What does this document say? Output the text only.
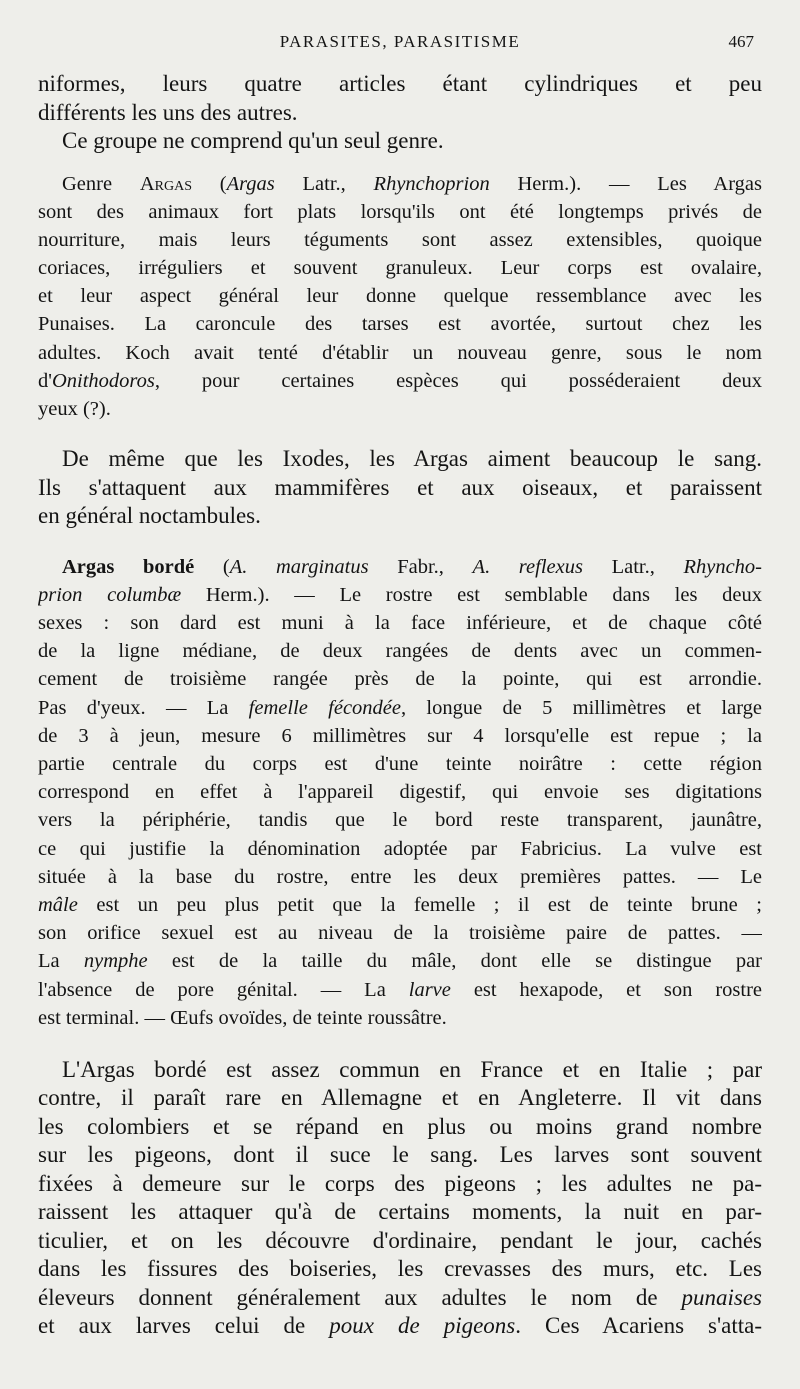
PARASITES, PARASITISME	467
niformes, leurs quatre articles étant cylindriques et peu
différents les uns des autres.
Ce groupe ne comprend qu'un seul genre.
Genre Argas (Argas Latr., Rhynchoprion Herm.). — Les Argas
sont des animaux fort plats lorsqu'ils ont été longtemps privés de
nourriture, mais leurs téguments sont assez extensibles, quoique
coriaces, irréguliers et souvent granuleux. Leur corps est ovalaire,
et leur aspect général leur donne quelque ressemblance avec les
Punaises. La caroncule des tarses est avortée, surtout chez les
adultes. Koch avait tenté d'établir un nouveau genre, sous le nom
d'Onithodoros, pour certaines espèces qui posséderaient deux
yeux (?).
De même que les Ixodes, les Argas aiment beaucoup le sang.
Ils s'attaquent aux mammifères et aux oiseaux, et paraissent
en général noctambules.
Argas bordé (A. marginatus Fabr., A. reflexus Latr., Rhyncho-
prion columbæ Herm.). — Le rostre est semblable dans les deux
sexes : son dard est muni à la face inférieure, et de chaque côté
de la ligne médiane, de deux rangées de dents avec un commen-
cement de troisième rangée près de la pointe, qui est arrondie.
Pas d'yeux. — La femelle fécondée, longue de 5 millimètres et large
de 3 à jeun, mesure 6 millimètres sur 4 lorsqu'elle est repue ; la
partie centrale du corps est d'une teinte noirâtre : cette région
correspond en effet à l'appareil digestif, qui envoie ses digitations
vers la périphérie, tandis que le bord reste transparent, jaunâtre,
ce qui justifie la dénomination adoptée par Fabricius. La vulve est
située à la base du rostre, entre les deux premières pattes. — Le
mâle est un peu plus petit que la femelle ; il est de teinte brune ;
son orifice sexuel est au niveau de la troisième paire de pattes. —
La nymphe est de la taille du mâle, dont elle se distingue par
l'absence de pore génital. — La larve est hexapode, et son rostre
est terminal. — Œufs ovoïdes, de teinte roussâtre.
L'Argas bordé est assez commun en France et en Italie ; par
contre, il paraît rare en Allemagne et en Angleterre. Il vit dans
les colombiers et se répand en plus ou moins grand nombre
sur les pigeons, dont il suce le sang. Les larves sont souvent
fixées à demeure sur le corps des pigeons ; les adultes ne pa-
raissent les attaquer qu'à de certains moments, la nuit en par-
ticulier, et on les découvre d'ordinaire, pendant le jour, cachés
dans les fissures des boiseries, les crevasses des murs, etc. Les
éleveurs donnent généralement aux adultes le nom de punaises
et aux larves celui de poux de pigeons. Ces Acariens s'atta-
